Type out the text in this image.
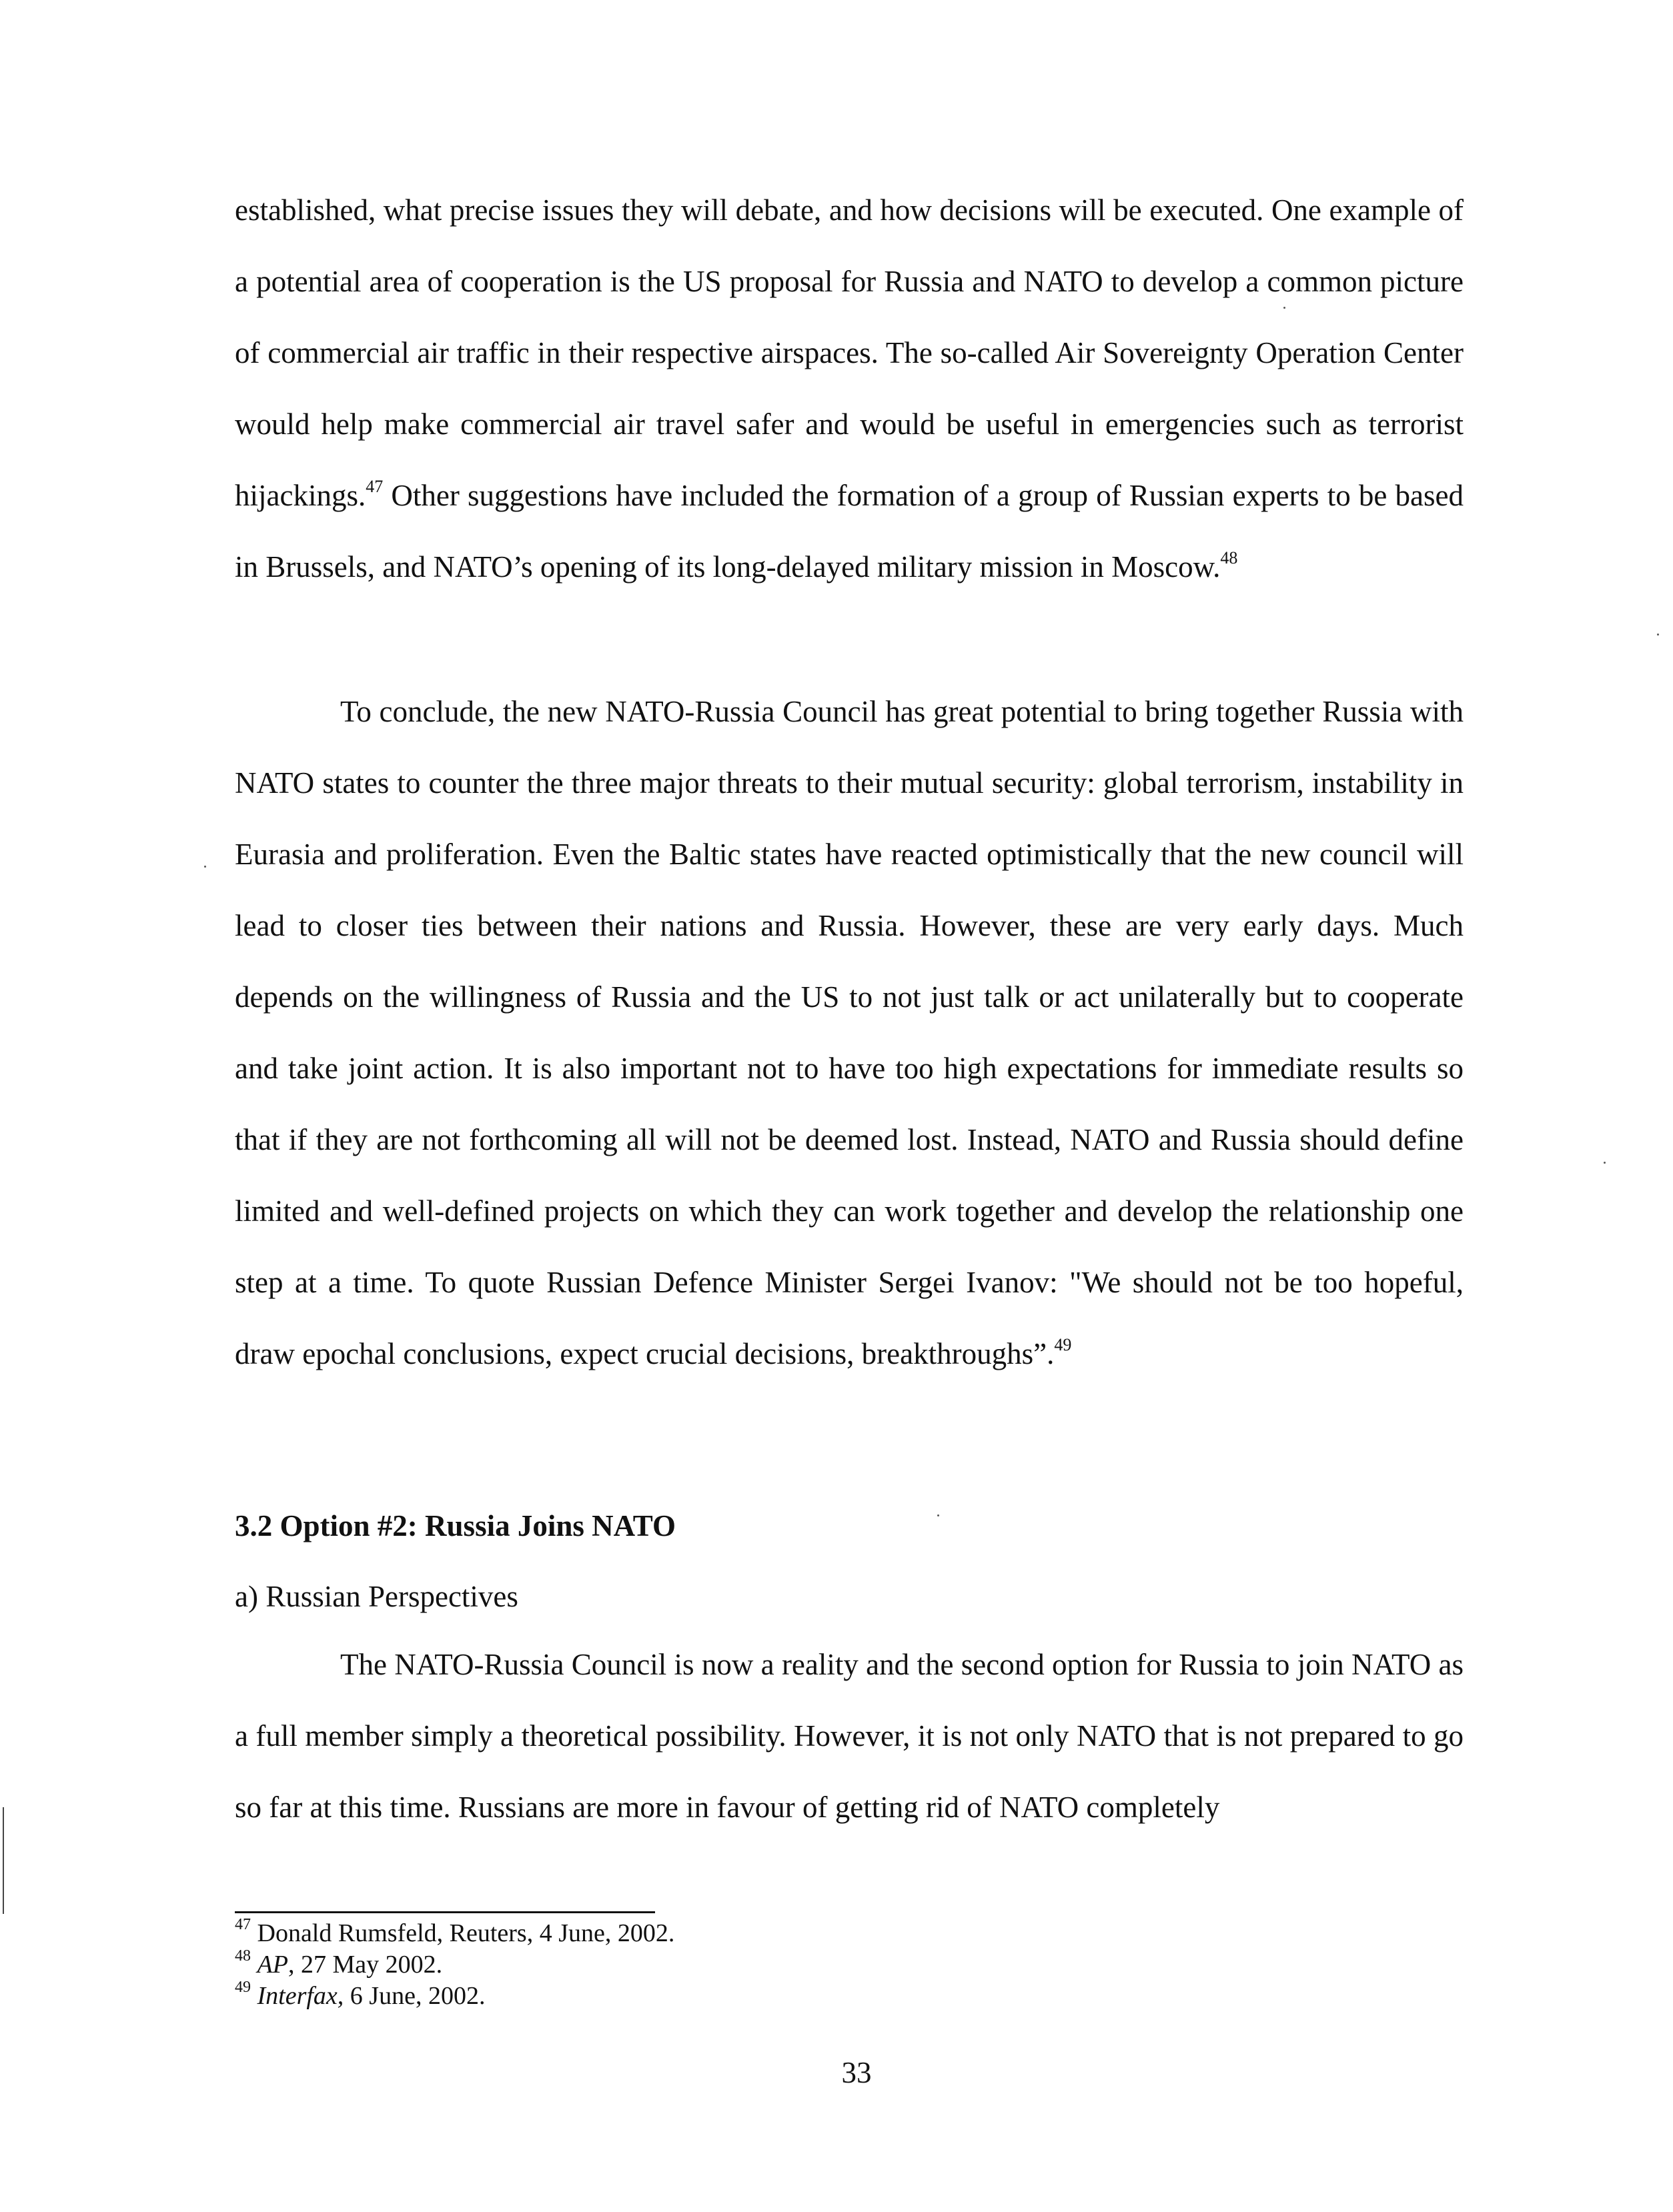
established, what precise issues they will debate, and how decisions will be executed. One example of a potential area of cooperation is the US proposal for Russia and NATO to develop a common picture of commercial air traffic in their respective airspaces. The so-called Air Sovereignty Operation Center would help make commercial air travel safer and would be useful in emergencies such as terrorist hijackings.$^{47}$ Other suggestions have included the formation of a group of Russian experts to be based in Brussels, and NATO’s opening of its long-delayed military mission in Moscow.$^{48}$

To conclude, the new NATO-Russia Council has great potential to bring together Russia with NATO states to counter the three major threats to their mutual security: global terrorism, instability in Eurasia and proliferation. Even the Baltic states have reacted optimistically that the new council will lead to closer ties between their nations and Russia. However, these are very early days. Much depends on the willingness of Russia and the US to not just talk or act unilaterally but to cooperate and take joint action. It is also important not to have too high expectations for immediate results so that if they are not forthcoming all will not be deemed lost. Instead, NATO and Russia should define limited and well-defined projects on which they can work together and develop the relationship one step at a time. To quote Russian Defence Minister Sergei Ivanov: "We should not be too hopeful, draw epochal conclusions, expect crucial decisions, breakthroughs”.$^{49}$

3.2 Option #2: Russia Joins NATO
a) Russian Perspectives

The NATO-Russia Council is now a reality and the second option for Russia to join NATO as a full member simply a theoretical possibility. However, it is not only NATO that is not prepared to go so far at this time. Russians are more in favour of getting rid of NATO completely

$^{47}$ Donald Rumsfeld, Reuters, 4 June, 2002.
$^{48}$ AP, 27 May 2002.
$^{49}$ Interfax, 6 June, 2002.
33
